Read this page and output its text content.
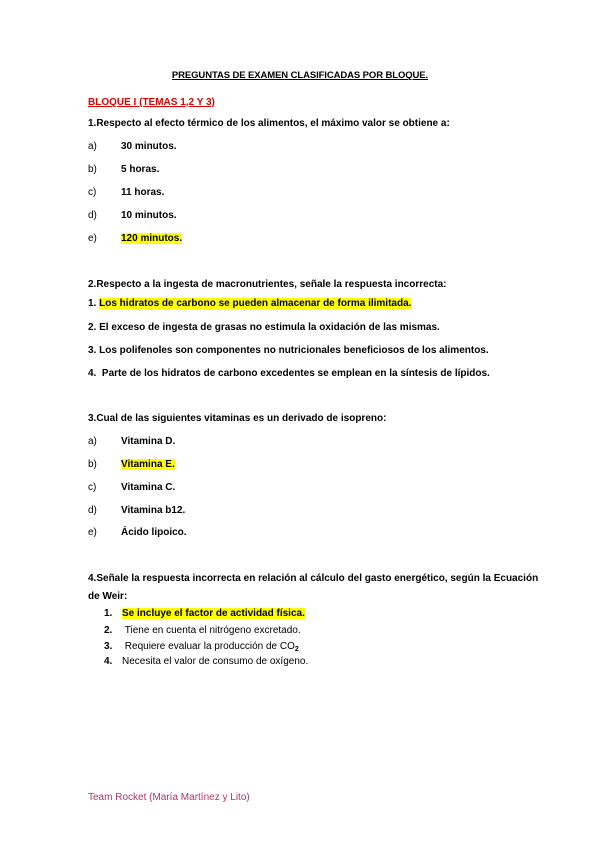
PREGUNTAS DE EXAMEN CLASIFICADAS POR BLOQUE.
BLOQUE I (TEMAS 1,2 Y 3)
1.Respecto al efecto térmico de los alimentos, el máximo valor se obtiene a:
a) 30 minutos.
b) 5 horas.
c) 11 horas.
d) 10 minutos.
e) 120 minutos.
2.Respecto a la ingesta de macronutrientes, señale la respuesta incorrecta:
1. Los hidratos de carbono se pueden almacenar de forma ilimitada.
2. El exceso de ingesta de grasas no estimula la oxidación de las mismas.
3. Los polifenoles son componentes no nutricionales beneficiosos de los alimentos.
4. Parte de los hidratos de carbono excedentes se emplean en la síntesis de lípidos.
3.Cual de las siguientes vitaminas es un derivado de isopreno:
a) Vitamina D.
b) Vitamina E.
c) Vitamina C.
d) Vitamina b12.
e) Ácido lipoico.
4.Señale la respuesta incorrecta en relación al cálculo del gasto energético, según la Ecuación
de Weir:
1. Se incluye el factor de actividad física.
2. Tiene en cuenta el nitrógeno excretado.
3. Requiere evaluar la producción de $CO_2$
4. Necesita el valor de consumo de oxígeno.
Team Rocket (María Martínez y Lito)
